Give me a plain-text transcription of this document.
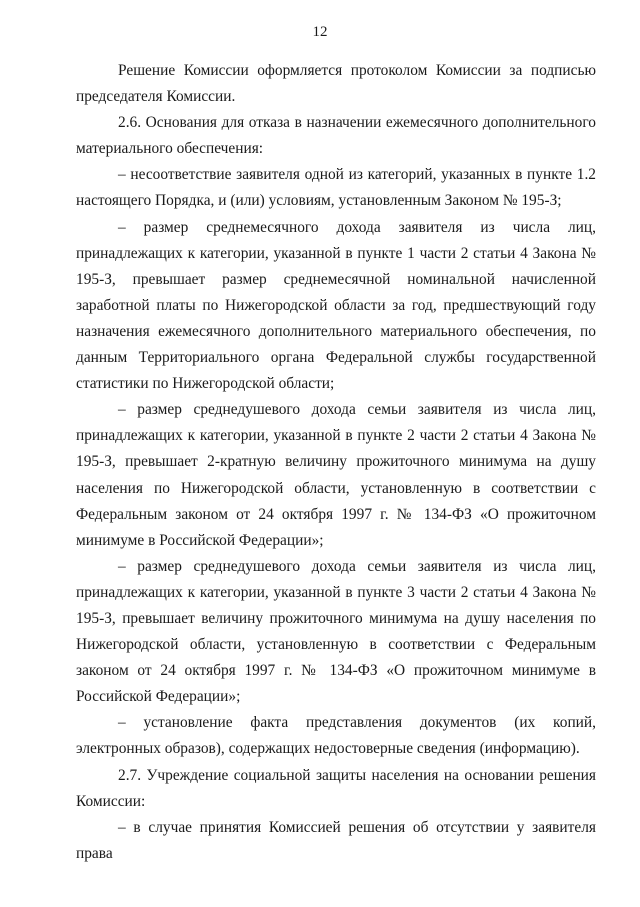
12

Решение Комиссии оформляется протоколом Комиссии за подписью председателя Комиссии.

2.6. Основания для отказа в назначении ежемесячного дополнительного материального обеспечения:

– несоответствие заявителя одной из категорий, указанных в пункте 1.2 настоящего Порядка, и (или) условиям, установленным Законом № 195-З;

– размер среднемесячного дохода заявителя из числа лиц, принадлежащих к категории, указанной в пункте 1 части 2 статьи 4 Закона № 195-З, превышает размер среднемесячной номинальной начисленной заработной платы по Нижегородской области за год, предшествующий году назначения ежемесячного дополнительного материального обеспечения, по данным Территориального органа Федеральной службы государственной статистики по Нижегородской области;

– размер среднедушевого дохода семьи заявителя из числа лиц, принадлежащих к категории, указанной в пункте 2 части 2 статьи 4 Закона № 195-З, превышает 2-кратную величину прожиточного минимума на душу населения по Нижегородской области, установленную в соответствии с Федеральным законом от 24 октября 1997 г. № 134-ФЗ «О прожиточном минимуме в Российской Федерации»;

– размер среднедушевого дохода семьи заявителя из числа лиц, принадлежащих к категории, указанной в пункте 3 части 2 статьи 4 Закона № 195-З, превышает величину прожиточного минимума на душу населения по Нижегородской области, установленную в соответствии с Федеральным законом от 24 октября 1997 г. № 134-ФЗ «О прожиточном минимуме в Российской Федерации»;

– установление факта представления документов (их копий, электронных образов), содержащих недостоверные сведения (информацию).

2.7. Учреждение социальной защиты населения на основании решения Комиссии:

– в случае принятия Комиссией решения об отсутствии у заявителя права
